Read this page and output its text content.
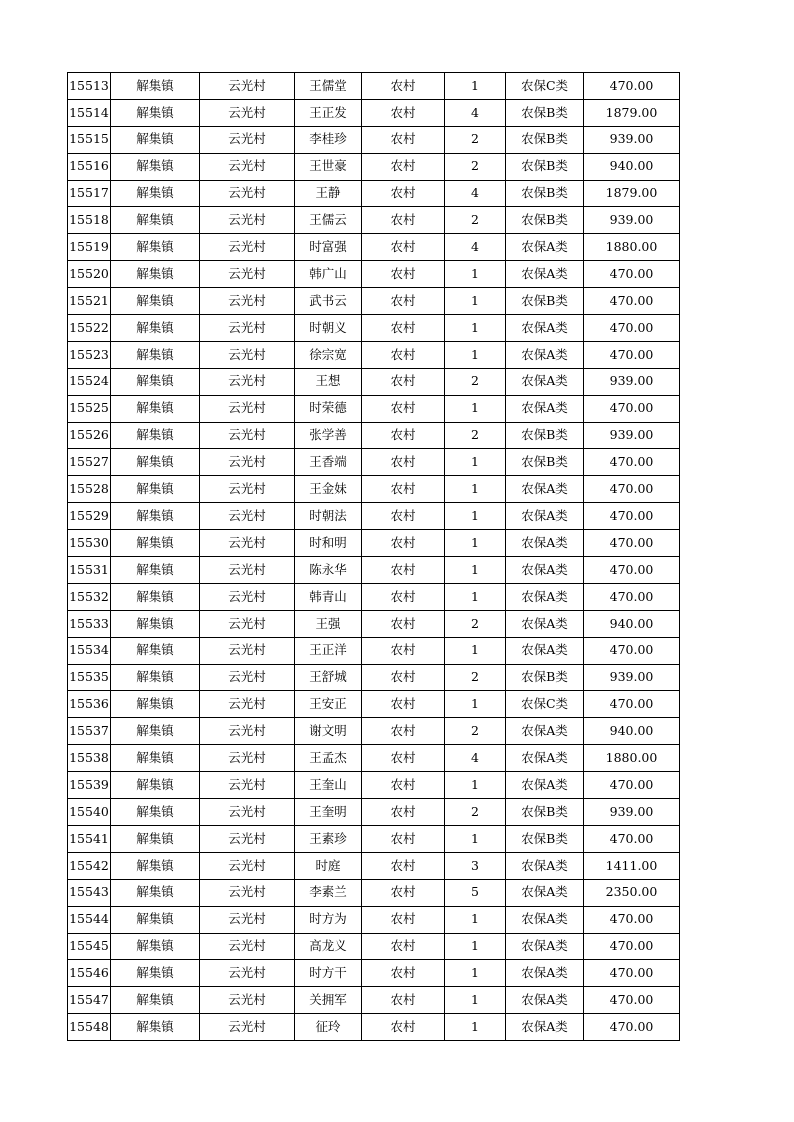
15513	解集镇	云光村	王儒堂	农村	1	农保C类	470.00
15514	解集镇	云光村	王正发	农村	4	农保B类	1879.00
15515	解集镇	云光村	李桂珍	农村	2	农保B类	939.00
15516	解集镇	云光村	王世豪	农村	2	农保B类	940.00
15517	解集镇	云光村	王静	农村	4	农保B类	1879.00
15518	解集镇	云光村	王儒云	农村	2	农保B类	939.00
15519	解集镇	云光村	时富强	农村	4	农保A类	1880.00
15520	解集镇	云光村	韩广山	农村	1	农保A类	470.00
15521	解集镇	云光村	武书云	农村	1	农保B类	470.00
15522	解集镇	云光村	时朝义	农村	1	农保A类	470.00
15523	解集镇	云光村	徐宗宽	农村	1	农保A类	470.00
15524	解集镇	云光村	王想	农村	2	农保A类	939.00
15525	解集镇	云光村	时荣德	农村	1	农保A类	470.00
15526	解集镇	云光村	张学善	农村	2	农保B类	939.00
15527	解集镇	云光村	王香端	农村	1	农保B类	470.00
15528	解集镇	云光村	王金妹	农村	1	农保A类	470.00
15529	解集镇	云光村	时朝法	农村	1	农保A类	470.00
15530	解集镇	云光村	时和明	农村	1	农保A类	470.00
15531	解集镇	云光村	陈永华	农村	1	农保A类	470.00
15532	解集镇	云光村	韩青山	农村	1	农保A类	470.00
15533	解集镇	云光村	王强	农村	2	农保A类	940.00
15534	解集镇	云光村	王正洋	农村	1	农保A类	470.00
15535	解集镇	云光村	王舒城	农村	2	农保B类	939.00
15536	解集镇	云光村	王安正	农村	1	农保C类	470.00
15537	解集镇	云光村	谢文明	农村	2	农保A类	940.00
15538	解集镇	云光村	王孟杰	农村	4	农保A类	1880.00
15539	解集镇	云光村	王奎山	农村	1	农保A类	470.00
15540	解集镇	云光村	王奎明	农村	2	农保B类	939.00
15541	解集镇	云光村	王素珍	农村	1	农保B类	470.00
15542	解集镇	云光村	时庭	农村	3	农保A类	1411.00
15543	解集镇	云光村	李素兰	农村	5	农保A类	2350.00
15544	解集镇	云光村	时方为	农村	1	农保A类	470.00
15545	解集镇	云光村	高龙义	农村	1	农保A类	470.00
15546	解集镇	云光村	时方干	农村	1	农保A类	470.00
15547	解集镇	云光村	关拥军	农村	1	农保A类	470.00
15548	解集镇	云光村	征玲	农村	1	农保A类	470.00
